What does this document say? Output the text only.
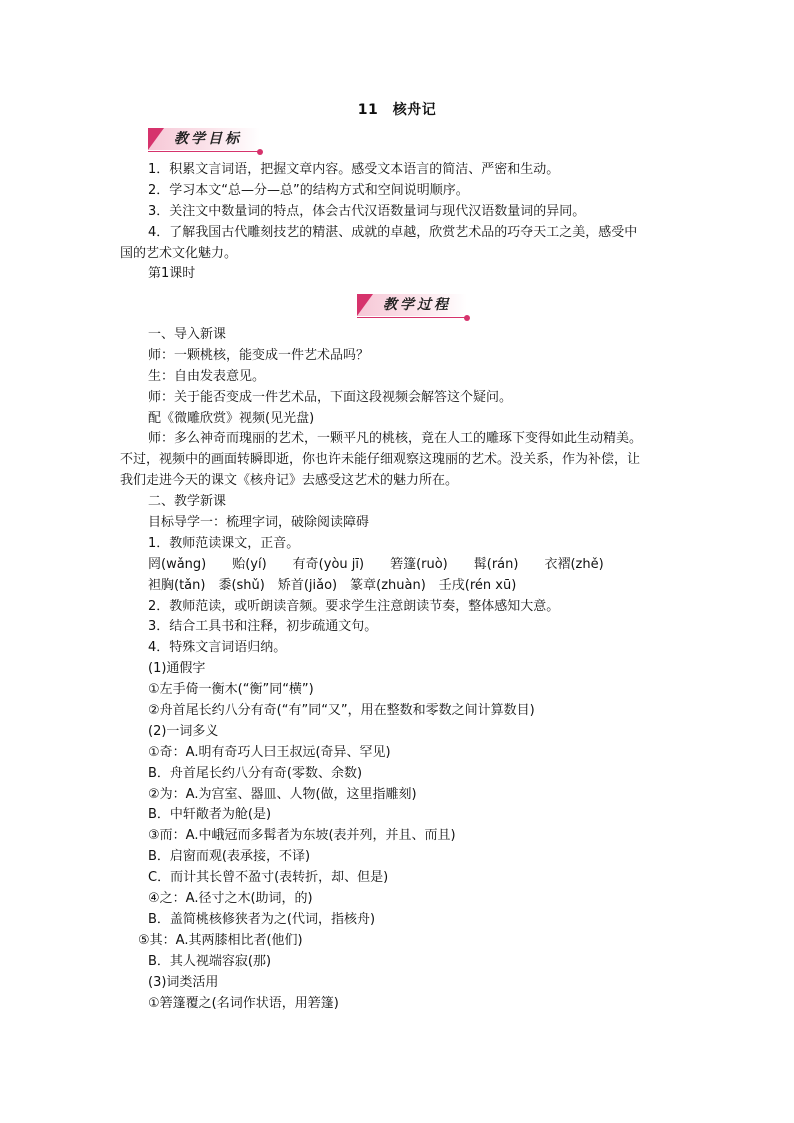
11　核舟记
教学目标
1．积累文言词语，把握文章内容。感受文本语言的简洁、严密和生动。
2．学习本文“总—分—总”的结构方式和空间说明顺序。
3．关注文中数量词的特点，体会古代汉语数量词与现代汉语数量词的异同。
4．了解我国古代雕刻技艺的精湛、成就的卓越，欣赏艺术品的巧夺天工之美，感受中
国的艺术文化魅力。
第1课时
教学过程
一、导入新课
师：一颗桃核，能变成一件艺术品吗？
生：自由发表意见。
师：关于能否变成一件艺术品，下面这段视频会解答这个疑问。
配《微雕欣赏》视频(见光盘)
师：多么神奇而瑰丽的艺术，一颗平凡的桃核，竟在人工的雕琢下变得如此生动精美。
不过，视频中的画面转瞬即逝，你也许未能仔细观察这瑰丽的艺术。没关系，作为补偿，让
我们走进今天的课文《核舟记》去感受这艺术的魅力所在。
二、教学新课
目标导学一：梳理字词，破除阅读障碍
1．教师范读课文，正音。
罔(wǎng)　　贻(yí)　　有奇(yòu jī)　　箬篷(ruò)　　髯(rán)　　衣褶(zhě)
袒胸(tǎn)　黍(shǔ)　矫首(jiǎo)　篆章(zhuàn)　壬戌(rén xū)
2．教师范读，或听朗读音频。要求学生注意朗读节奏，整体感知大意。
3．结合工具书和注释，初步疏通文句。
4．特殊文言词语归纳。
(1)通假字
①左手倚一衡木(“衡”同“横”)
②舟首尾长约八分有奇(“有”同“又”，用在整数和零数之间计算数目)
(2)一词多义
①奇：A.明有奇巧人曰王叔远(奇异、罕见)
B．舟首尾长约八分有奇(零数、余数)
②为：A.为宫室、器皿、人物(做，这里指雕刻)
B．中轩敞者为舱(是)
③而：A.中峨冠而多髯者为东坡(表并列，并且、而且)
B．启窗而观(表承接，不译)
C．而计其长曾不盈寸(表转折，却、但是)
④之：A.径寸之木(助词，的)
B．盖简桃核修狭者为之(代词，指核舟)
⑤其：A.其两膝相比者(他们)
B．其人视端容寂(那)
(3)词类活用
①箬篷覆之(名词作状语，用箬篷)
